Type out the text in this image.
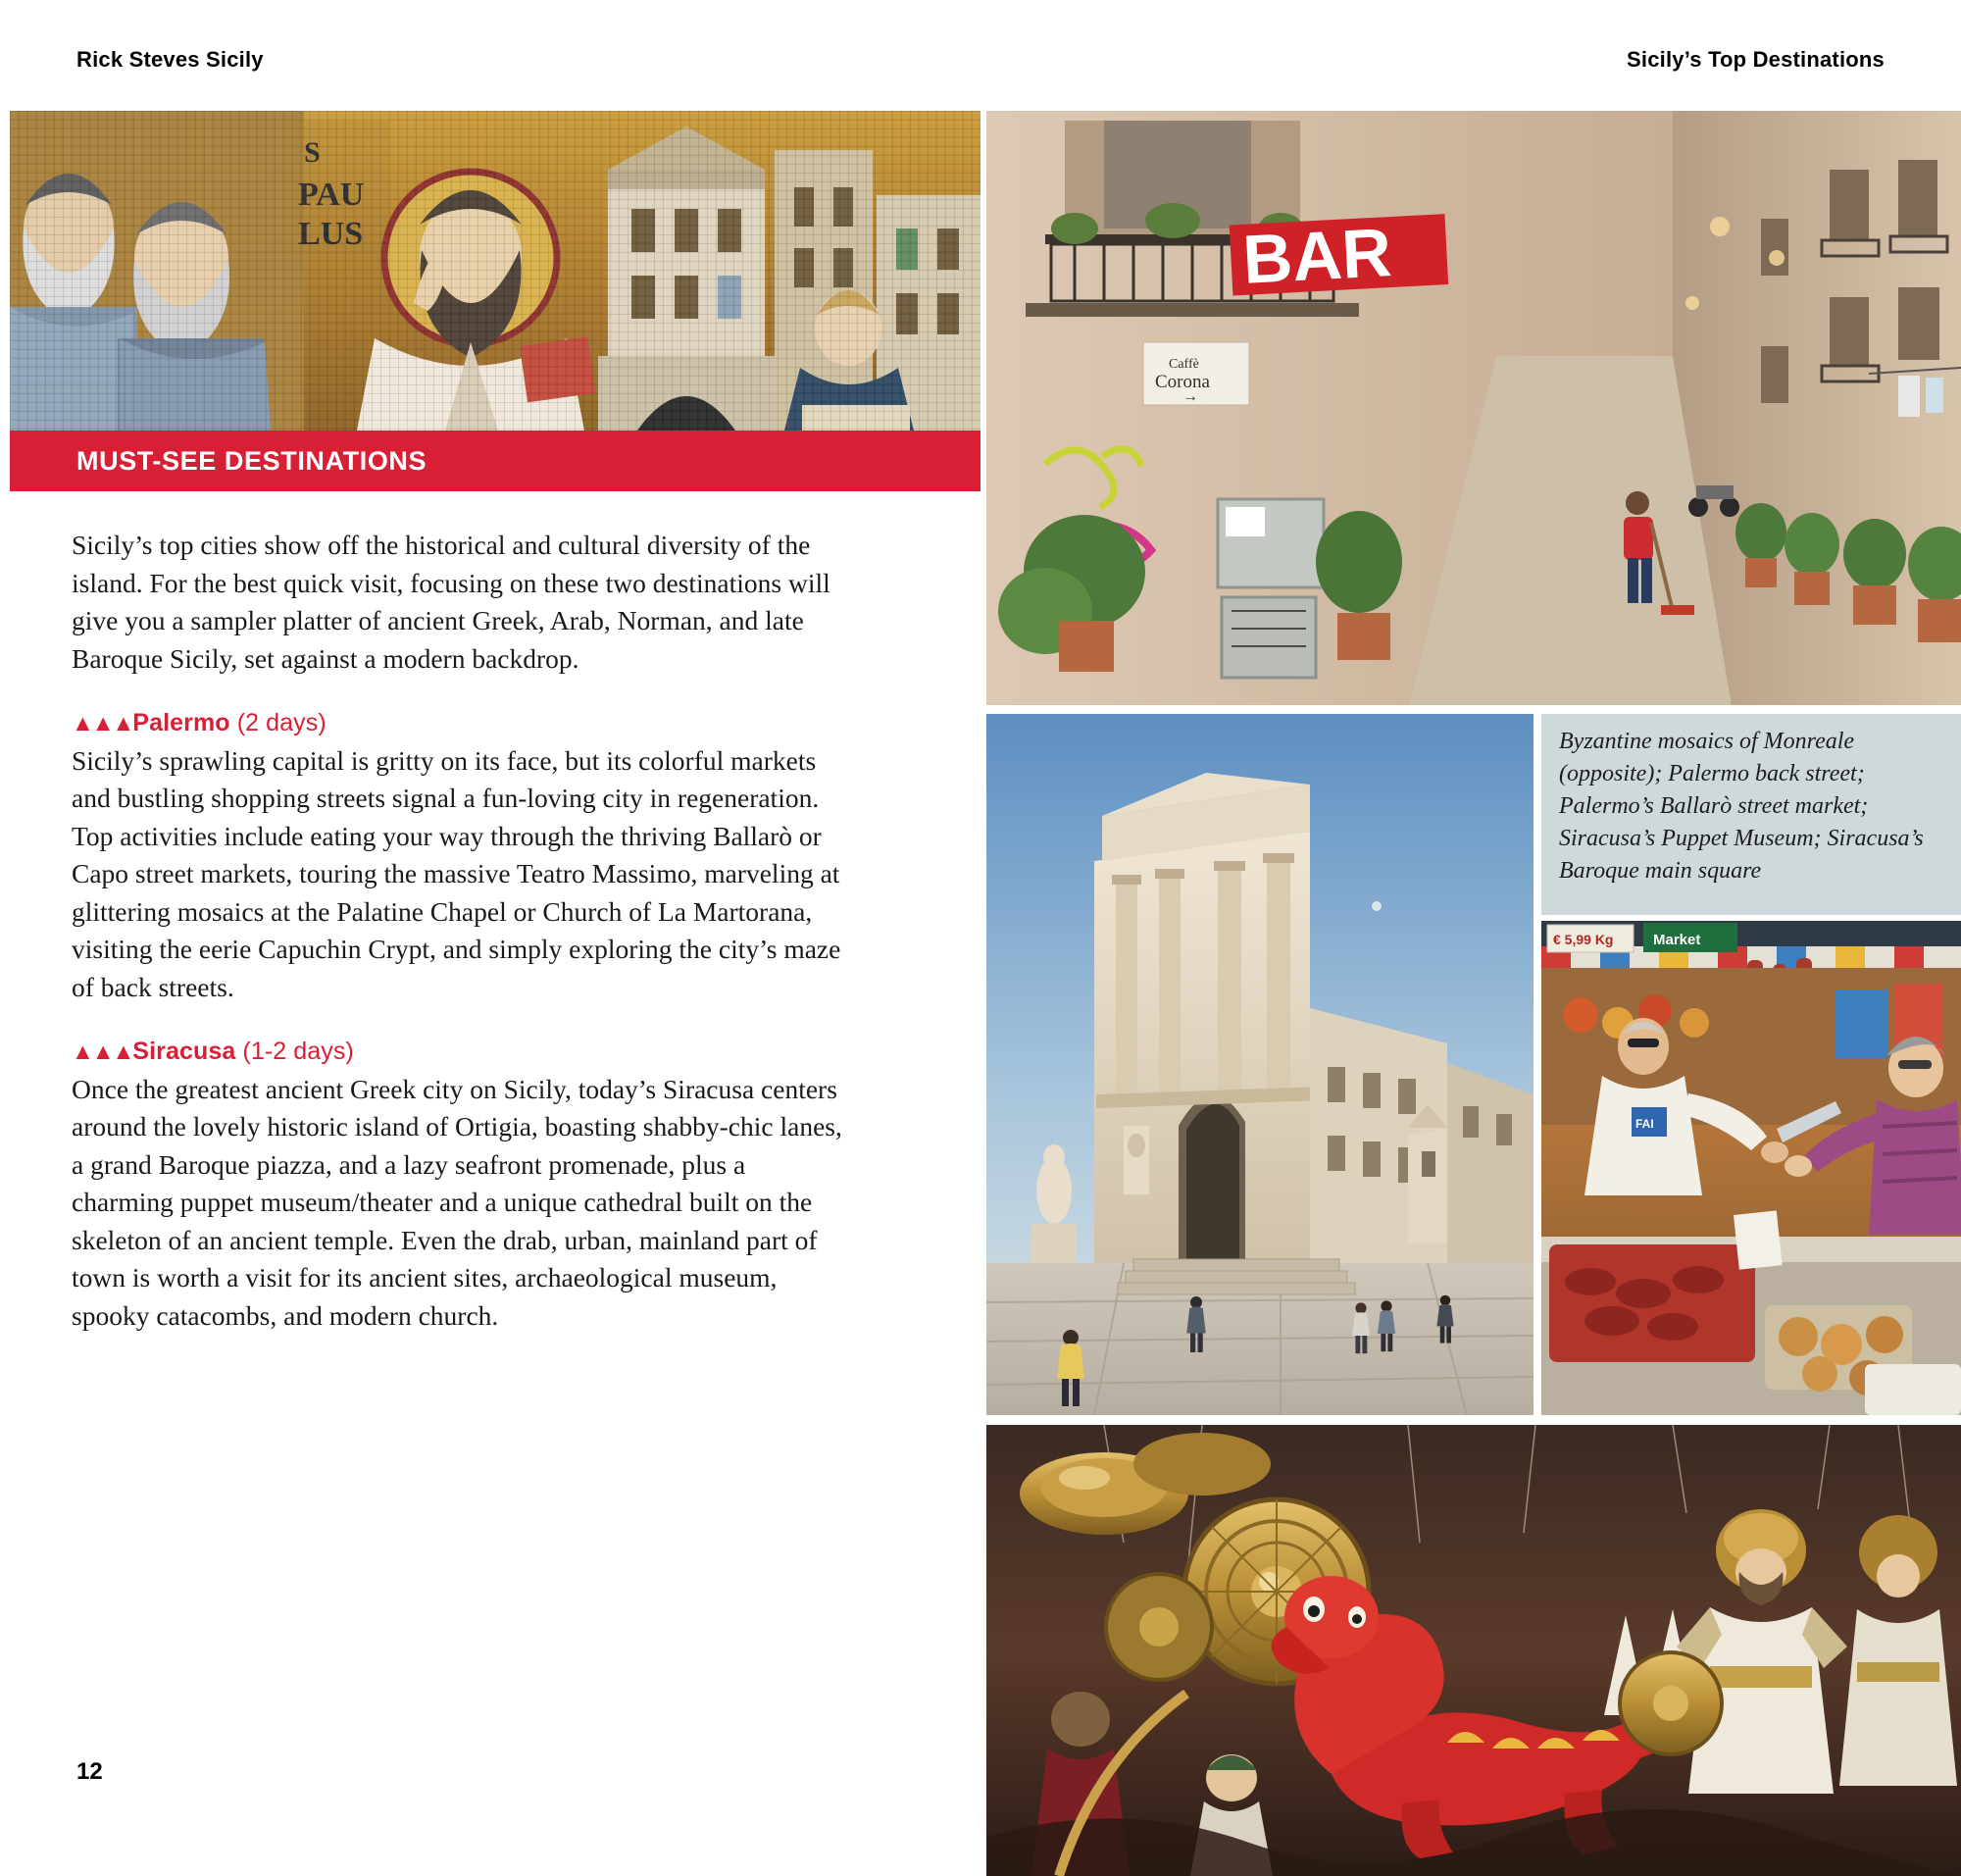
Rick Steves Sicily	Sicily’s Top Destinations
MUST-SEE DESTINATIONS

Sicily’s top cities show off the historical and cultural diversity of the island. For the best quick visit, focusing on these two destinations will give you a sampler platter of ancient Greek, Arab, Norman, and late Baroque Sicily, set against a modern backdrop.

▲▲▲Palermo (2 days)
Sicily’s sprawling capital is gritty on its face, but its colorful markets and bustling shopping streets signal a fun-loving city in regeneration. Top activities include eating your way through the thriving Ballarò or Capo street markets, touring the massive Teatro Massimo, marveling at glittering mosaics at the Palatine Chapel or Church of La Martorana, visiting the eerie Capuchin Crypt, and simply exploring the city’s maze of back streets.

▲▲▲Siracusa (1-2 days)
Once the greatest ancient Greek city on Sicily, today’s Siracusa centers around the lovely historic island of Ortigia, boasting shabby-chic lanes, a grand Baroque piazza, and a lazy seafront promenade, plus a charming puppet museum/theater and a unique cathedral built on the skeleton of an ancient temple. Even the drab, urban, mainland part of town is worth a visit for its ancient sites, archaeological museum, spooky catacombs, and modern church.

12
BAR
Caffè
Corona
→
Byzantine mosaics of Monreale (opposite); Palermo back street; Palermo’s Ballarò street market; Siracusa’s Puppet Museum; Siracusa’s Baroque main square
€ 5,99 Kg	Market
FAI
